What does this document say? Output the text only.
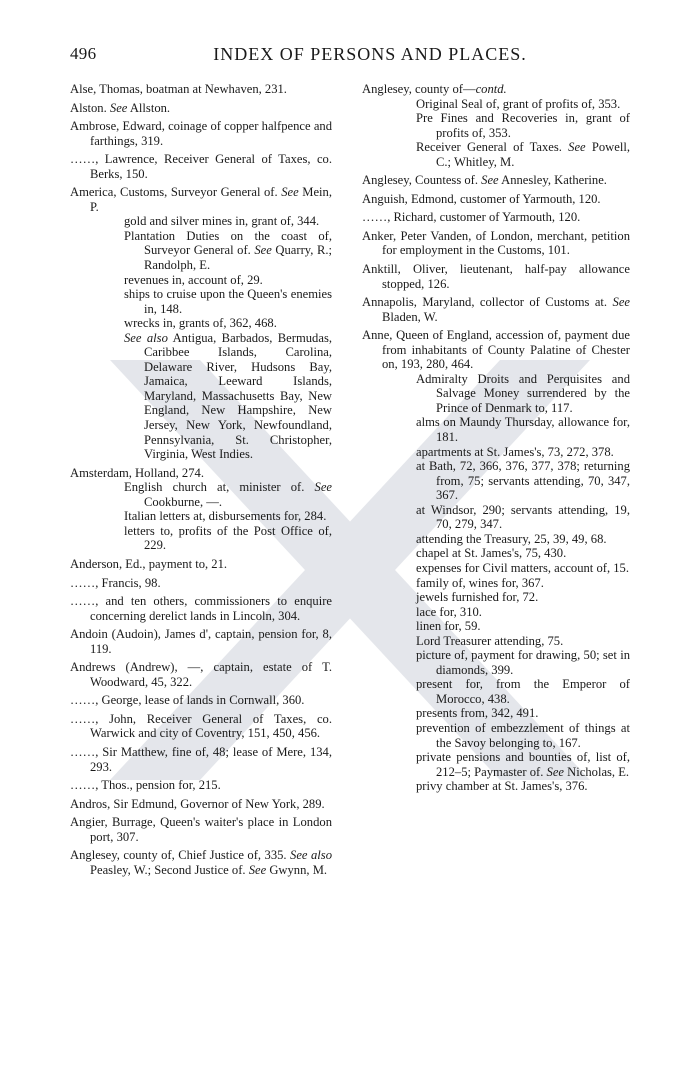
496	INDEX OF PERSONS AND PLACES.

Alse, Thomas, boatman at Newhaven, 231.

Alston. See Allston.

Ambrose, Edward, coinage of copper halfpence and farthings, 319.

……, Lawrence, Receiver General of Taxes, co. Berks, 150.

America, Customs, Surveyor General of. See Mein, P.

gold and silver mines in, grant of, 344.

Plantation Duties on the coast of, Surveyor General of. See Quarry, R.; Randolph, E.

revenues in, account of, 29.

ships to cruise upon the Queen's enemies in, 148.

wrecks in, grants of, 362, 468.

See also Antigua, Barbados, Bermudas, Caribbee Islands, Carolina, Delaware River, Hudsons Bay, Jamaica, Leeward Islands, Maryland, Massachusetts Bay, New England, New Hampshire, New Jersey, New York, Newfoundland, Pennsylvania, St. Christopher, Virginia, West Indies.

Amsterdam, Holland, 274.

English church at, minister of. See Cookburne, —.

Italian letters at, disbursements for, 284.

letters to, profits of the Post Office of, 229.

Anderson, Ed., payment to, 21.

……, Francis, 98.

……, and ten others, commissioners to enquire concerning derelict lands in Lincoln, 304.

Andoin (Audoin), James d', captain, pension for, 8, 119.

Andrews (Andrew), —, captain, estate of T. Woodward, 45, 322.

……, George, lease of lands in Cornwall, 360.

……, John, Receiver General of Taxes, co. Warwick and city of Coventry, 151, 450, 456.

……, Sir Matthew, fine of, 48; lease of Mere, 134, 293.

……, Thos., pension for, 215.

Andros, Sir Edmund, Governor of New York, 289.

Angier, Burrage, Queen's waiter's place in London port, 307.

Anglesey, county of, Chief Justice of, 335. See also Peasley, W.; Second Justice of. See Gwynn, M.

Anglesey, county of—contd.

Original Seal of, grant of profits of, 353.

Pre Fines and Recoveries in, grant of profits of, 353.

Receiver General of Taxes. See Powell, C.; Whitley, M.

Anglesey, Countess of. See Annesley, Katherine.

Anguish, Edmond, customer of Yarmouth, 120.

……, Richard, customer of Yarmouth, 120.

Anker, Peter Vanden, of London, merchant, petition for employment in the Customs, 101.

Anktill, Oliver, lieutenant, half-pay allowance stopped, 126.

Annapolis, Maryland, collector of Customs at. See Bladen, W.

Anne, Queen of England, accession of, payment due from inhabitants of County Palatine of Chester on, 193, 280, 464.

Admiralty Droits and Perquisites and Salvage Money surrendered by the Prince of Denmark to, 117.

alms on Maundy Thursday, allowance for, 181.

apartments at St. James's, 73, 272, 378.

at Bath, 72, 366, 376, 377, 378; returning from, 75; servants attending, 70, 347, 367.

at Windsor, 290; servants attending, 19, 70, 279, 347.

attending the Treasury, 25, 39, 49, 68.

chapel at St. James's, 75, 430.

expenses for Civil matters, account of, 15.

family of, wines for, 367.

jewels furnished for, 72.

lace for, 310.

linen for, 59.

Lord Treasurer attending, 75.

picture of, payment for drawing, 50; set in diamonds, 399.

present for, from the Emperor of Morocco, 438.

presents from, 342, 491.

prevention of embezzlement of things at the Savoy belonging to, 167.

private pensions and bounties of, list of, 212–5; Paymaster of. See Nicholas, E.

privy chamber at St. James's, 376.
